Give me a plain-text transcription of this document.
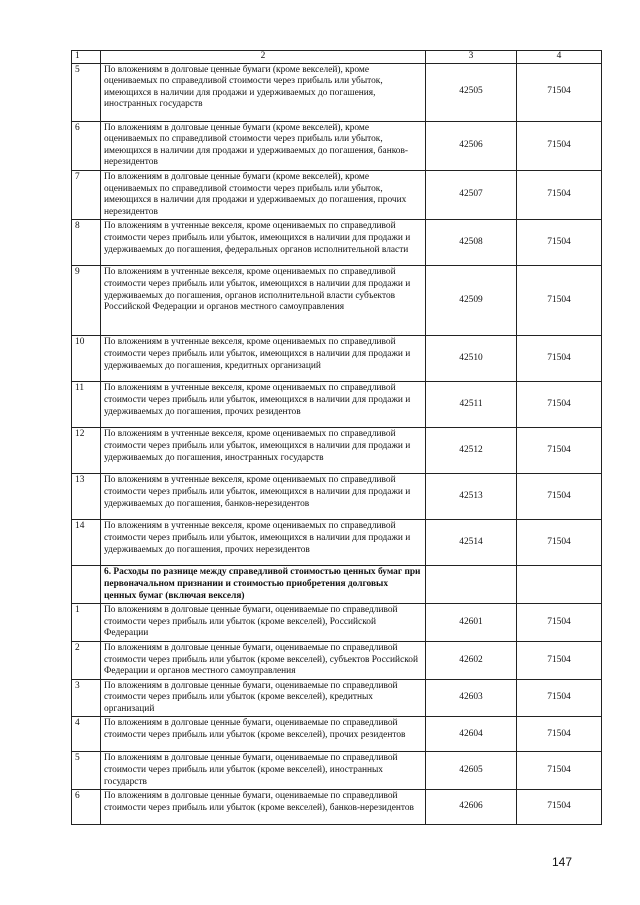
1	2	3	4
5	По вложениям в долговые ценные бумаги (кроме векселей), кроме оцениваемых по справедливой стоимости через прибыль или убыток, имеющихся в наличии для продажи и удерживаемых до погашения, иностранных государств	42505	71504
6	По вложениям в долговые ценные бумаги (кроме векселей), кроме оцениваемых по справедливой стоимости через прибыль или убыток, имеющихся в наличии для продажи и удерживаемых до погашения, банков-нерезидентов	42506	71504
7	По вложениям в долговые ценные бумаги (кроме векселей), кроме оцениваемых по справедливой стоимости через прибыль или убыток, имеющихся в наличии для продажи и удерживаемых до погашения, прочих нерезидентов	42507	71504
8	По вложениям в учтенные векселя, кроме оцениваемых по справедливой стоимости через прибыль или убыток, имеющихся в наличии для продажи и удерживаемых до погашения, федеральных органов исполнительной власти	42508	71504
9	По вложениям в учтенные векселя, кроме оцениваемых по справедливой стоимости через прибыль или убыток, имеющихся в наличии для продажи и удерживаемых до погашения, органов исполнительной власти субъектов Российской Федерации и органов местного самоуправления	42509	71504
10	По вложениям в учтенные векселя, кроме оцениваемых по справедливой стоимости через прибыль или убыток, имеющихся в наличии для продажи и удерживаемых до погашения, кредитных организаций	42510	71504
11	По вложениям в учтенные векселя, кроме оцениваемых по справедливой стоимости через прибыль или убыток, имеющихся в наличии для продажи и удерживаемых до погашения, прочих резидентов	42511	71504
12	По вложениям в учтенные векселя, кроме оцениваемых по справедливой стоимости через прибыль или убыток, имеющихся в наличии для продажи и удерживаемых до погашения, иностранных государств	42512	71504
13	По вложениям в учтенные векселя, кроме оцениваемых по справедливой стоимости через прибыль или убыток, имеющихся в наличии для продажи и удерживаемых до погашения, банков-нерезидентов	42513	71504
14	По вложениям в учтенные векселя, кроме оцениваемых по справедливой стоимости через прибыль или убыток, имеющихся в наличии для продажи и удерживаемых до погашения, прочих нерезидентов	42514	71504
	6. Расходы по разнице между справедливой стоимостью ценных бумаг при первоначальном признании и стоимостью приобретения долговых ценных бумаг (включая векселя)		
1	По вложениям в долговые ценные бумаги, оцениваемые по справедливой стоимости через прибыль или убыток (кроме векселей), Российской Федерации	42601	71504
2	По вложениям в долговые ценные бумаги, оцениваемые по справедливой стоимости через прибыль или убыток (кроме векселей), субъектов Российской Федерации и органов местного самоуправления	42602	71504
3	По вложениям в долговые ценные бумаги, оцениваемые по справедливой стоимости через прибыль или убыток (кроме векселей), кредитных организаций	42603	71504
4	По вложениям в долговые ценные бумаги, оцениваемые по справедливой стоимости через прибыль или убыток (кроме векселей), прочих резидентов	42604	71504
5	По вложениям в долговые ценные бумаги, оцениваемые по справедливой стоимости через прибыль или убыток (кроме векселей), иностранных государств	42605	71504
6	По вложениям в долговые ценные бумаги, оцениваемые по справедливой стоимости через прибыль или убыток (кроме векселей), банков-нерезидентов	42606	71504
147
